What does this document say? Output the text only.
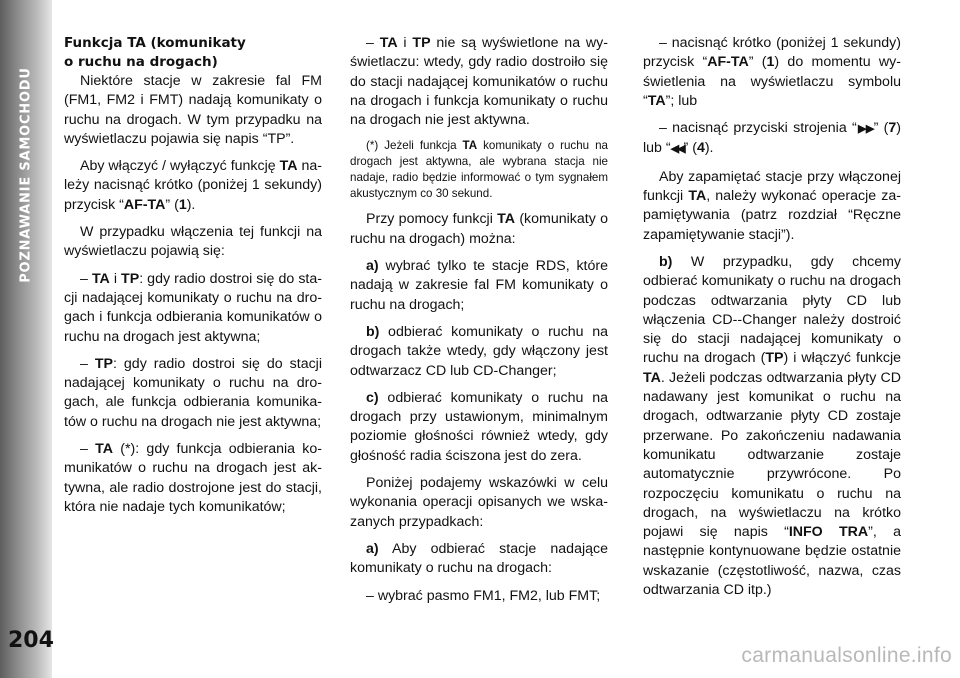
POZNAWANIE SAMOCHODU
204
Funkcja TA (komunikaty
o ruchu na drogach)

Niektóre stacje w zakresie fal FM (FM1, FM2 i FMT) nadają komunikaty o ruchu na drogach. W tym przypadku na wyświetlaczu pojawia się napis “TP”.

Aby włączyć / wyłączyć funkcję TA należy nacisnąć krótko (poniżej 1 sekundy) przycisk “AF-TA” (1).

W przypadku włączenia tej funkcji na wyświetlaczu pojawią się:

– TA i TP: gdy radio dostroi się do stacji nadającej komunikaty o ruchu na drogach i funkcja odbierania komunikatów o ruchu na drogach jest aktywna;

– TP: gdy radio dostroi się do stacji nadającej komunikaty o ruchu na drogach, ale funkcja odbierania komunikatów o ruchu na drogach nie jest aktywna;

– TA (*): gdy funkcja odbierania komunikatów o ruchu na drogach jest aktywna, ale radio dostrojone jest do stacji, która nie nadaje tych komunikatów;

– TA i TP nie są wyświetlone na wyświetlaczu: wtedy, gdy radio dostroiło się do stacji nadającej komunikatów o ruchu na drogach i funkcja komunikaty o ruchu na drogach nie jest aktywna.

(*) Jeżeli funkcja TA komunikaty o ruchu na drogach jest aktywna, ale wybrana stacja nie nadaje, radio będzie informować o tym sygnałem akustycznym co 30 sekund.

Przy pomocy funkcji TA (komunikaty o ruchu na drogach) można:

a) wybrać tylko te stacje RDS, które nadają w zakresie fal FM komunikaty o ruchu na drogach;

b) odbierać komunikaty o ruchu na drogach także wtedy, gdy włączony jest odtwarzacz CD lub CD-Changer;

c) odbierać komunikaty o ruchu na drogach przy ustawionym, minimalnym poziomie głośności również wtedy, gdy głośność radia ściszona jest do zera.

Poniżej podajemy wskazówki w celu wykonania operacji opisanych we wskazanych przypadkach:

a) Aby odbierać stacje nadające komunikaty o ruchu na drogach:

– wybrać pasmo FM1, FM2, lub FMT;

– nacisnąć krótko (poniżej 1 sekundy) przycisk “AF-TA” (1) do momentu wyświetlenia na wyświetlaczu symbolu “TA”; lub

– nacisnąć przyciski strojenia “▶▶” (7) lub “◀◀” (4).

Aby zapamiętać stacje przy włączonej funkcji TA, należy wykonać operacje zapamiętywania (patrz rozdział “Ręczne zapamiętywanie stacji”).

b) W przypadku, gdy chcemy odbierać komunikaty o ruchu na drogach podczas odtwarzania płyty CD lub włączenia CD--Changer należy dostroić się do stacji nadającej komunikaty o ruchu na drogach (TP) i włączyć funkcje TA. Jeżeli podczas odtwarzania płyty CD nadawany jest komunikat o ruchu na drogach, odtwarzanie płyty CD zostaje przerwane. Po zakończeniu nadawania komunikatu odtwarzanie zostaje automatycznie przywrócone. Po rozpoczęciu komunikatu o ruchu na drogach, na wyświetlaczu na krótko pojawi się napis “INFO TRA”, a następnie kontynuowane będzie ostatnie wskazanie (częstotliwość, nazwa, czas odtwarzania CD itp.)

carmanualsonline.info
